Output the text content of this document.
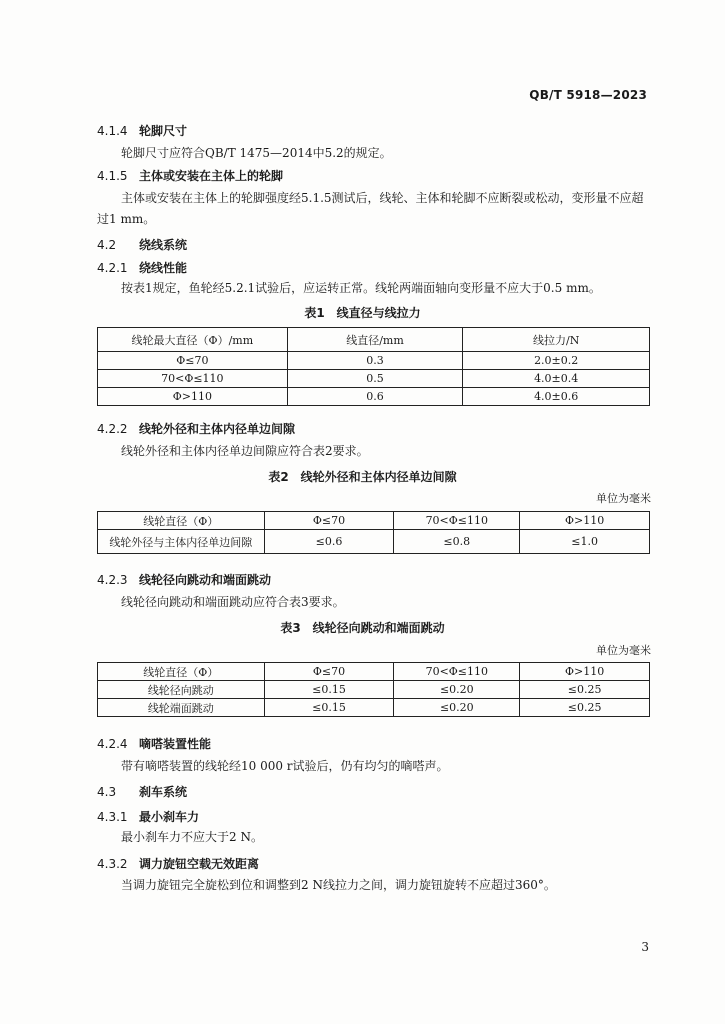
QB/T 5918—2023
4.1.4 轮脚尺寸
轮脚尺寸应符合QB/T 1475—2014中5.2的规定。
4.1.5 主体或安装在主体上的轮脚
主体或安装在主体上的轮脚强度经5.1.5测试后，线轮、主体和轮脚不应断裂或松动，变形量不应超过1 mm。
4.2 绕线系统
4.2.1 绕线性能
按表1规定，鱼轮经5.2.1试验后，应运转正常。线轮两端面轴向变形量不应大于0.5 mm。
表1 线直径与线拉力
线轮最大直径（Φ）/mm	线直径/mm	线拉力/N
Φ≤70	0.3	2.0±0.2
70<Φ≤110	0.5	4.0±0.4
Φ>110	0.6	4.0±0.6
4.2.2 线轮外径和主体内径单边间隙
线轮外径和主体内径单边间隙应符合表2要求。
表2 线轮外径和主体内径单边间隙
单位为毫米
线轮直径（Φ）	Φ≤70	70<Φ≤110	Φ>110
线轮外径与主体内径单边间隙	≤0.6	≤0.8	≤1.0
4.2.3 线轮径向跳动和端面跳动
线轮径向跳动和端面跳动应符合表3要求。
表3 线轮径向跳动和端面跳动
单位为毫米
线轮直径（Φ）	Φ≤70	70<Φ≤110	Φ>110
线轮径向跳动	≤0.15	≤0.20	≤0.25
线轮端面跳动	≤0.15	≤0.20	≤0.25
4.2.4 嘀嗒装置性能
带有嘀嗒装置的线轮经10 000 r试验后，仍有均匀的嘀嗒声。
4.3 刹车系统
4.3.1 最小刹车力
最小刹车力不应大于2 N。
4.3.2 调力旋钮空载无效距离
当调力旋钮完全旋松到位和调整到2 N线拉力之间，调力旋钮旋转不应超过360°。
3
